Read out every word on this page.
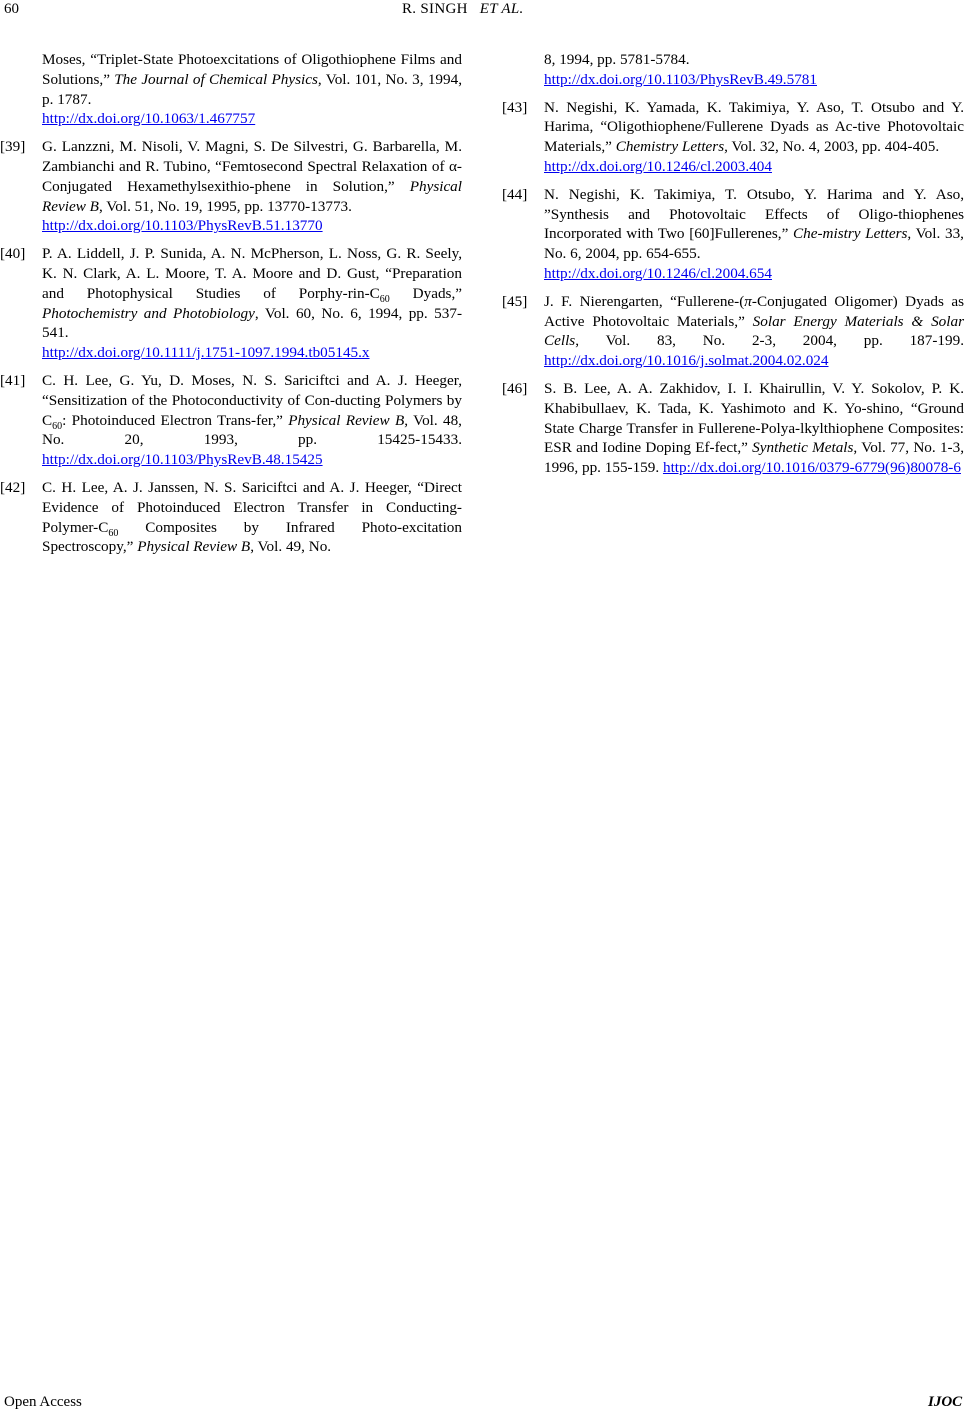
60	R. SINGH ET AL.
Moses, “Triplet-State Photoexcitations of Oligothiophene Films and Solutions,” The Journal of Chemical Physics, Vol. 101, No. 3, 1994, p. 1787.
http://dx.doi.org/10.1063/1.467757
[39] G. Lanzzni, M. Nisoli, V. Magni, S. De Silvestri, G. Barbarella, M. Zambianchi and R. Tubino, “Femtosecond Spectral Relaxation of α-Conjugated Hexamethylsexithio-phene in Solution,” Physical Review B, Vol. 51, No. 19, 1995, pp. 13770-13773.
http://dx.doi.org/10.1103/PhysRevB.51.13770
[40] P. A. Liddell, J. P. Sunida, A. N. McPherson, L. Noss, G. R. Seely, K. N. Clark, A. L. Moore, T. A. Moore and D. Gust, “Preparation and Photophysical Studies of Porphy-$rin-C_{60}$ Dyads,” Photochemistry and Photobiology, Vol. 60, No. 6, 1994, pp. 537-541.
http://dx.doi.org/10.1111/j.1751-1097.1994.tb05145.x
[41] C. H. Lee, G. Yu, D. Moses, N. S. Sariciftci and A. J. Heeger, “Sensitization of the Photoconductivity of Con-ducting Polymers by $C_{60}$: Photoinduced Electron Trans-fer,” Physical Review B, Vol. 48, No. 20, 1993, pp. 15425-15433. http://dx.doi.org/10.1103/PhysRevB.48.15425
[42] C. H. Lee, A. J. Janssen, N. S. Sariciftci and A. J. Heeger, “Direct Evidence of Photoinduced Electron Transfer in Conducting-$Polymer-C_{60}$ Composites by Infrared Photo-excitation Spectroscopy,” Physical Review B, Vol. 49, No.
8, 1994, pp. 5781-5784.
http://dx.doi.org/10.1103/PhysRevB.49.5781
[43] N. Negishi, K. Yamada, K. Takimiya, Y. Aso, T. Otsubo and Y. Harima, “Oligothiophene/Fullerene Dyads as Ac-tive Photovoltaic Materials,” Chemistry Letters, Vol. 32, No. 4, 2003, pp. 404-405.
http://dx.doi.org/10.1246/cl.2003.404
[44] N. Negishi, K. Takimiya, T. Otsubo, Y. Harima and Y. Aso, ”Synthesis and Photovoltaic Effects of Oligo-thiophenes Incorporated with Two [60]Fullerenes,” Che-mistry Letters, Vol. 33, No. 6, 2004, pp. 654-655.
http://dx.doi.org/10.1246/cl.2004.654
[45] J. F. Nierengarten, “Fullerene-(π-Conjugated Oligomer) Dyads as Active Photovoltaic Materials,” Solar Energy Materials & Solar Cells, Vol. 83, No. 2-3, 2004, pp. 187-199. http://dx.doi.org/10.1016/j.solmat.2004.02.024
[46] S. B. Lee, A. A. Zakhidov, I. I. Khairullin, V. Y. Sokolov, P. K. Khabibullaev, K. Tada, K. Yashimoto and K. Yo-shino, “Ground State Charge Transfer in Fullerene-Polya-lkylthiophene Composites: ESR and Iodine Doping Ef-fect,” Synthetic Metals, Vol. 77, No. 1-3, 1996, pp. 155-159. http://dx.doi.org/10.1016/0379-6779(96)80078-6
Open Access	IJOC
